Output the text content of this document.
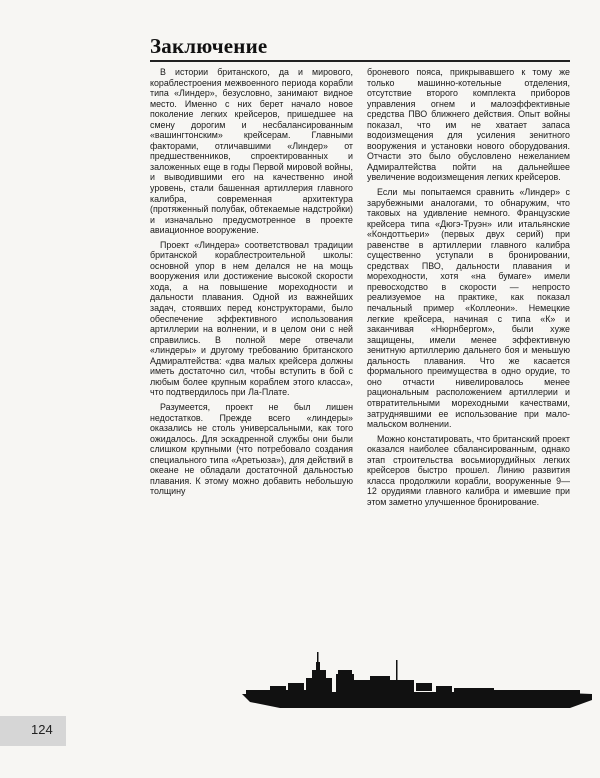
Заключение

В истории британского, да и мирового, кораблестроения межвоенного периода корабли типа «Линдер», безусловно, занимают видное место. Именно с них берет начало новое поколение легких крейсеров, пришедшее на смену дорогим и несбалансированным «вашингтонским» крейсерам. Главными факторами, отличавшими «Линдер» от предшественников, спроектированных и заложенных еще в годы Первой мировой войны, и выводившими его на качественно иной уровень, стали башенная артиллерия главного калибра, современная архитектура (протяженный полубак, обтекаемые надстройки) и изначально предусмотренное в проекте авиационное вооружение.

Проект «Линдера» соответствовал традиции британской кораблестроительной школы: основной упор в нем делался не на мощь вооружения или достижение высокой скорости хода, а на повышение мореходности и дальности плавания. Одной из важнейших задач, стоявших перед конструкторами, было обеспечение эффективного использования артиллерии на волнении, и в целом они с ней справились. В полной мере отвечали «линдеры» и другому требованию британского Адмиралтейства: «два малых крейсера должны иметь достаточно сил, чтобы вступить в бой с любым более крупным кораблем этого класса», что подтвердилось при Ла-Плате.

Разумеется, проект не был лишен недостатков. Прежде всего «линдеры» оказались не столь универсальными, как того ожидалось. Для эскадренной службы они были слишком крупными (что потребовало создания специального типа «Аретьюза»), для действий в океане не обладали достаточной дальностью плавания. К этому можно добавить небольшую толщину

броневого пояса, прикрывавшего к тому же только машинно-котельные отделения, отсутствие второго комплекта приборов управления огнем и малоэффективные средства ПВО ближнего действия. Опыт войны показал, что им не хватает запаса водоизмещения для усиления зенитного вооружения и установки нового оборудования. Отчасти это было обусловлено нежеланием Адмиралтейства пойти на дальнейшее увеличение водоизмещения легких крейсеров.

Если мы попытаемся сравнить «Линдер» с зарубежными аналогами, то обнаружим, что таковых на удивление немного. Французские крейсера типа «Дюгэ-Труэн» или итальянские «Кондоттьери» (первых двух серий) при равенстве в артиллерии главного калибра существенно уступали в бронировании, средствах ПВО, дальности плавания и мореходности, хотя «на бумаге» имели превосходство в скорости — непросто реализуемое на практике, как показал печальный пример «Коллеони». Немецкие легкие крейсера, начиная с типа «К» и заканчивая «Нюрнбергом», были хуже защищены, имели менее эффективную зенитную артиллерию дальнего боя и меньшую дальность плавания. Что же касается формального преимущества в одно орудие, то оно отчасти нивелировалось менее рациональным расположением артиллерии и отвратительными мореходными качествами, затруднявшими ее использование при мало-мальском волнении.

Можно констатировать, что британский проект оказался наиболее сбалансированным, однако этап строительства восьмиорудийных легких крейсеров быстро прошел. Линию развития класса продолжили корабли, вооруженные 9—12 орудиями главного калибра и имевшие при этом заметно улучшенное бронирование.

124
